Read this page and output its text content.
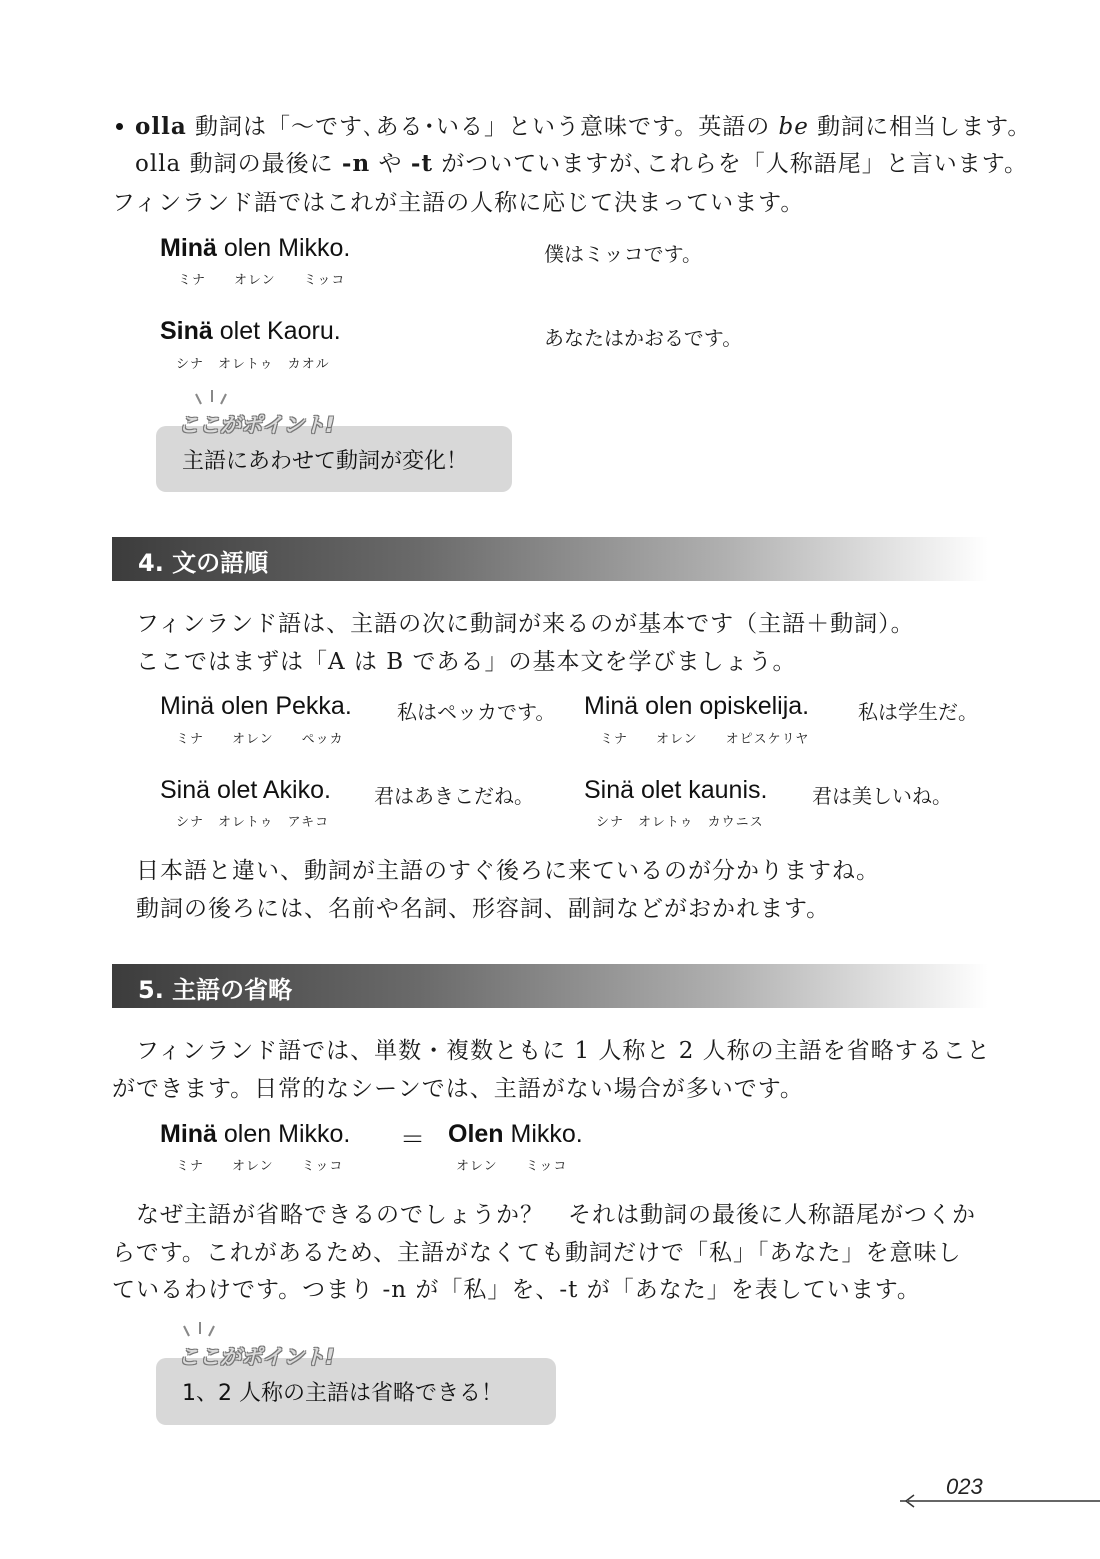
olla 動詞は「〜です､ある･いる」という意味です。英語の be 動詞に相当します。
olla 動詞の最後に -n や -t がついていますが､これらを「人称語尾」と言います。
フィンランド語ではこれが主語の人称に応じて決まっています。
Minä olen Mikko.
ミナ　　オレン　　ミッコ
僕はミッコです。
Sinä olet Kaoru.
シナ　オレトゥ　カオル
あなたはかおるです。
主語にあわせて動詞が変化！
ここがポイント!
4. 文の語順
フィンランド語は、主語の次に動詞が来るのが基本です（主語＋動詞）。
ここではまずは「A は B である」の基本文を学びましょう。
Minä olen Pekka. 私はペッカです。
ミナ　　オレン　　ペッカ
Minä olen opiskelija. 私は学生だ。
ミナ　　オレン　　オピスケリヤ
Sinä olet Akiko. 君はあきこだね。
シナ　オレトゥ　アキコ
Sinä olet kaunis. 君は美しいね。
シナ　オレトゥ　カウニス
日本語と違い、動詞が主語のすぐ後ろに来ているのが分かりますね。
動詞の後ろには、名前や名詞、形容詞、副詞などがおかれます。
5. 主語の省略
フィンランド語では、単数・複数ともに 1 人称と 2 人称の主語を省略すること
ができます。日常的なシーンでは、主語がない場合が多いです。
Minä olen Mikko. ＝ Olen Mikko.
ミナ　　オレン　　ミッコ	オレン　　ミッコ
なぜ主語が省略できるのでしょうか？　それは動詞の最後に人称語尾がつくか
らです。これがあるため、主語がなくても動詞だけで「私」「あなた」を意味し
ているわけです。つまり -n が「私」を、-t が「あなた」を表しています。
1、2 人称の主語は省略できる！
ここがポイント!
023
